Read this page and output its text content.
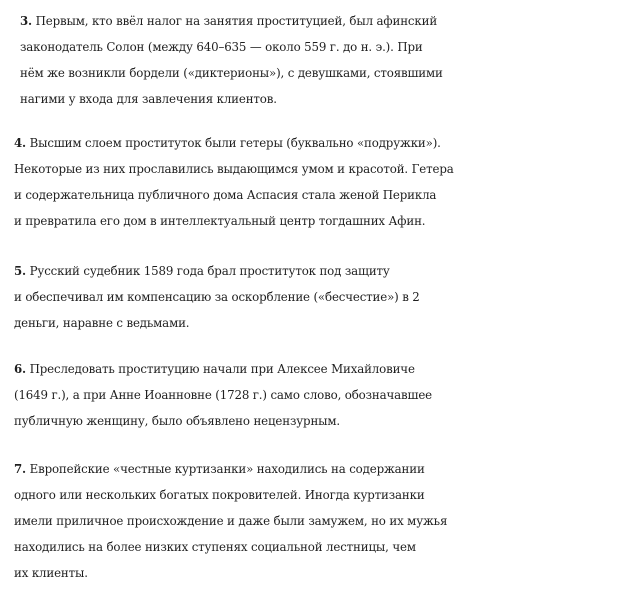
3. Первым, кто ввёл налог на занятия проституцией, был афинский
законодатель Солон (между 640–635 — около 559 г. до н. э.). При
нём же возникли бордели («диктерионы»), с девушками, стоявшими
нагими у входа для завлечения клиентов.

4. Высшим слоем проституток были гетеры (буквально «подружки»).
Некоторые из них прославились выдающимся умом и красотой. Гетера
и содержательница публичного дома Аспасия стала женой Перикла
и превратила его дом в интеллектуальный центр тогдашних Афин.

5. Русский судебник 1589 года брал проституток под защиту
и обеспечивал им компенсацию за оскорбление («бесчестие») в 2
деньги, наравне с ведьмами.

6. Преследовать проституцию начали при Алексее Михайловиче
(1649 г.), а при Анне Иоанновне (1728 г.) само слово, обозначавшее
публичную женщину, было объявлено нецензурным.

7. Европейские «честные куртизанки» находились на содержании
одного или нескольких богатых покровителей. Иногда куртизанки
имели приличное происхождение и даже были замужем, но их мужья
находились на более низких ступенях социальной лестницы, чем
их клиенты.
